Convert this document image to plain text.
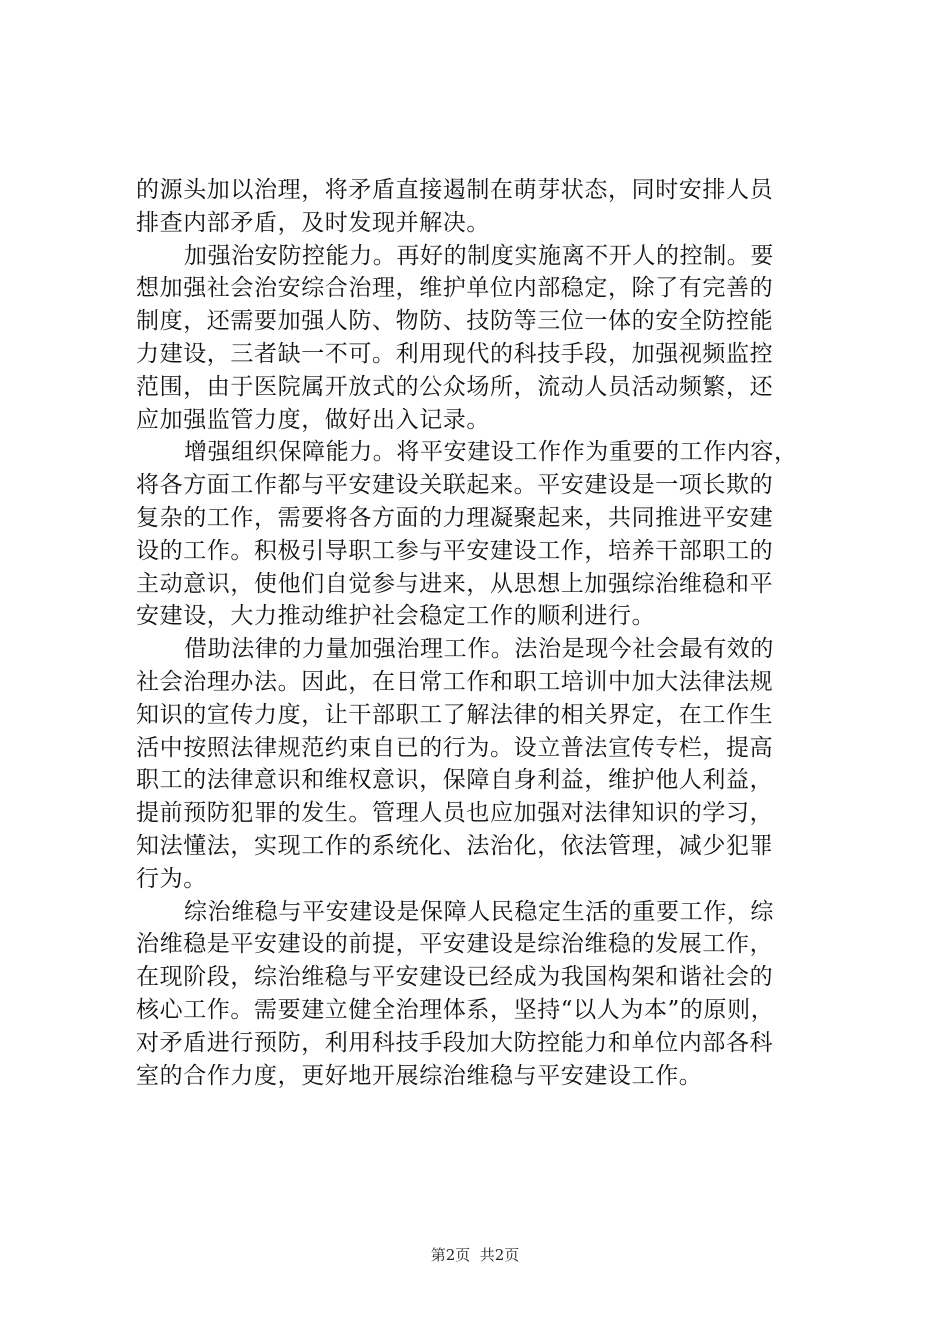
的源头加以治理，将矛盾直接遏制在萌芽状态，同时安排人员
排查内部矛盾，及时发现并解决。
加强治安防控能力。再好的制度实施离不开人的控制。要
想加强社会治安综合治理，维护单位内部稳定，除了有完善的
制度，还需要加强人防、物防、技防等三位一体的安全防控能
力建设，三者缺一不可。利用现代的科技手段，加强视频监控
范围，由于医院属开放式的公众场所，流动人员活动频繁，还
应加强监管力度，做好出入记录。
增强组织保障能力。将平安建设工作作为重要的工作内容，
将各方面工作都与平安建设关联起来。平安建设是一项长欺的
复杂的工作，需要将各方面的力理凝聚起来，共同推进平安建
设的工作。积极引导职工参与平安建设工作，培养干部职工的
主动意识，使他们自觉参与进来，从思想上加强综治维稳和平
安建设，大力推动维护社会稳定工作的顺利进行。
借助法律的力量加强治理工作。法治是现今社会最有效的
社会治理办法。因此，在日常工作和职工培训中加大法律法规
知识的宣传力度，让干部职工了解法律的相关界定，在工作生
活中按照法律规范约束自已的行为。设立普法宣传专栏，提高
职工的法律意识和维权意识，保障自身利益，维护他人利益，
提前预防犯罪的发生。管理人员也应加强对法律知识的学习，
知法懂法，实现工作的系统化、法治化，依法管理，减少犯罪
行为。
综治维稳与平安建设是保障人民稳定生活的重要工作，综
治维稳是平安建设的前提，平安建设是综治维稳的发展工作，
在现阶段，综治维稳与平安建设已经成为我国构架和谐社会的
核心工作。需要建立健全治理体系，坚持“以人为本”的原则，
对矛盾进行预防，利用科技手段加大防控能力和单位内部各科
室的合作力度，更好地开展综治维稳与平安建设工作。
第2页  共2页
